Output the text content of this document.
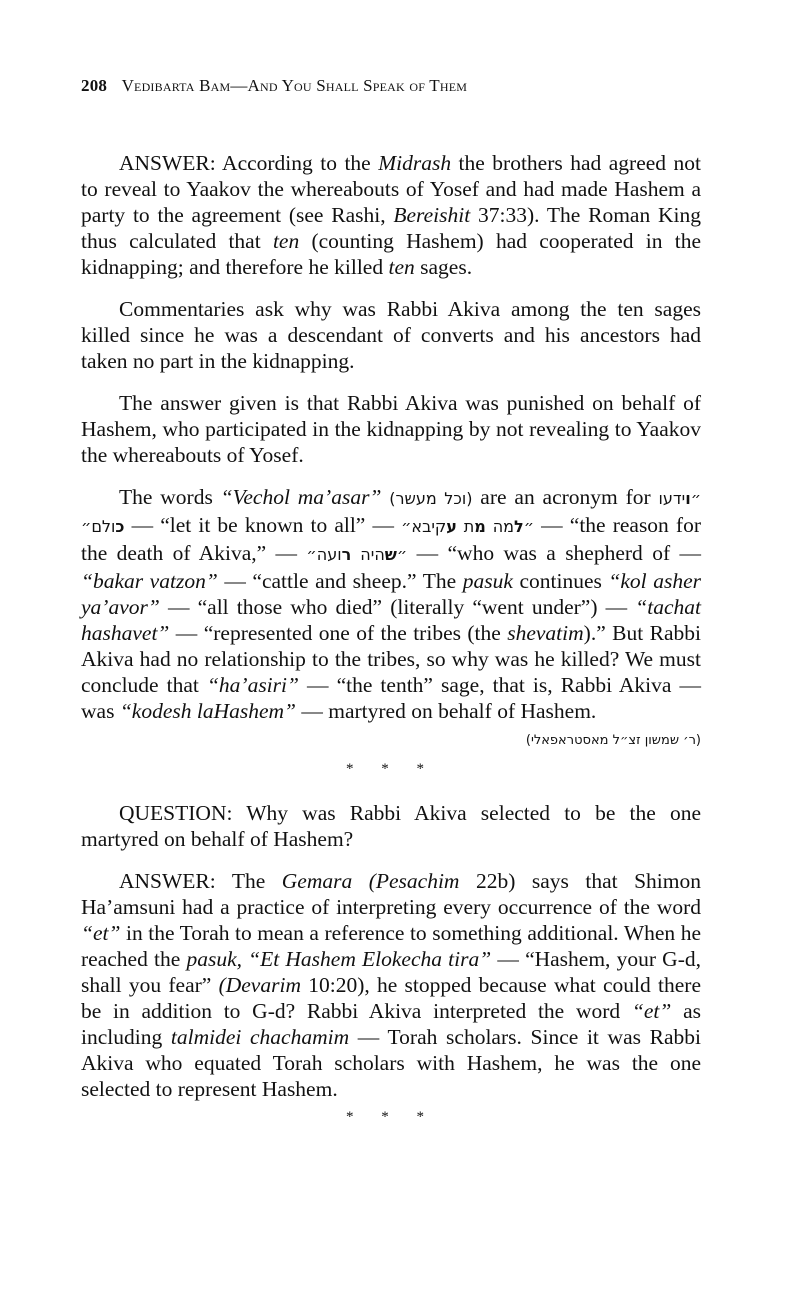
208 Vedibarta Bam—And You Shall Speak of Them

ANSWER: According to the Midrash the brothers had agreed not to reveal to Yaakov the whereabouts of Yosef and had made Hashem a party to the agreement (see Rashi, Bereishit 37:33). The Roman King thus calculated that ten (counting Hashem) had cooperated in the kidnapping; and therefore he killed ten sages.

Commentaries ask why was Rabbi Akiva among the ten sages killed since he was a descendant of converts and his ancestors had taken no part in the kidnapping.

The answer given is that Rabbi Akiva was punished on behalf of Hashem, who participated in the kidnapping by not revealing to Yaakov the whereabouts of Yosef.

The words “Vechol ma’asar” (וכל מעשר) are an acronym for ״וידעו כולם״ — “let it be known to all” —	״למה מת עקיבא״	— “the reason for the death of Akiva,” —	״שהיה רועה״	— “who was a shepherd of — “bakar vatzon” — “cattle and sheep.” The pasuk continues “kol asher ya’avor” — “all those who died” (literally “went under”) — “tachat hashavet” — “represented one of the tribes (the shevatim).” But Rabbi Akiva had no relationship to the tribes, so why was he killed? We must conclude that “ha’asiri” — “the tenth” sage, that is, Rabbi Akiva — was “kodesh laHashem” — martyred on behalf of Hashem.

(ר׳ שמשון זצ״ל מאסטראפאלי)
* * *

QUESTION: Why was Rabbi Akiva selected to be the one martyred on behalf of Hashem?

ANSWER: The Gemara (Pesachim 22b) says that Shimon Ha’amsuni had a practice of interpreting every occurrence of the word “et” in the Torah to mean a reference to something additional. When he reached the pasuk, “Et Hashem Elokecha tira” — “Hashem, your G-d, shall you fear” (Devarim 10:20), he stopped because what could there be in addition to G-d? Rabbi Akiva interpreted the word “et” as including talmidei chachamim — Torah scholars. Since it was Rabbi Akiva who equated Torah scholars with Hashem, he was the one selected to represent Hashem.

* * *
